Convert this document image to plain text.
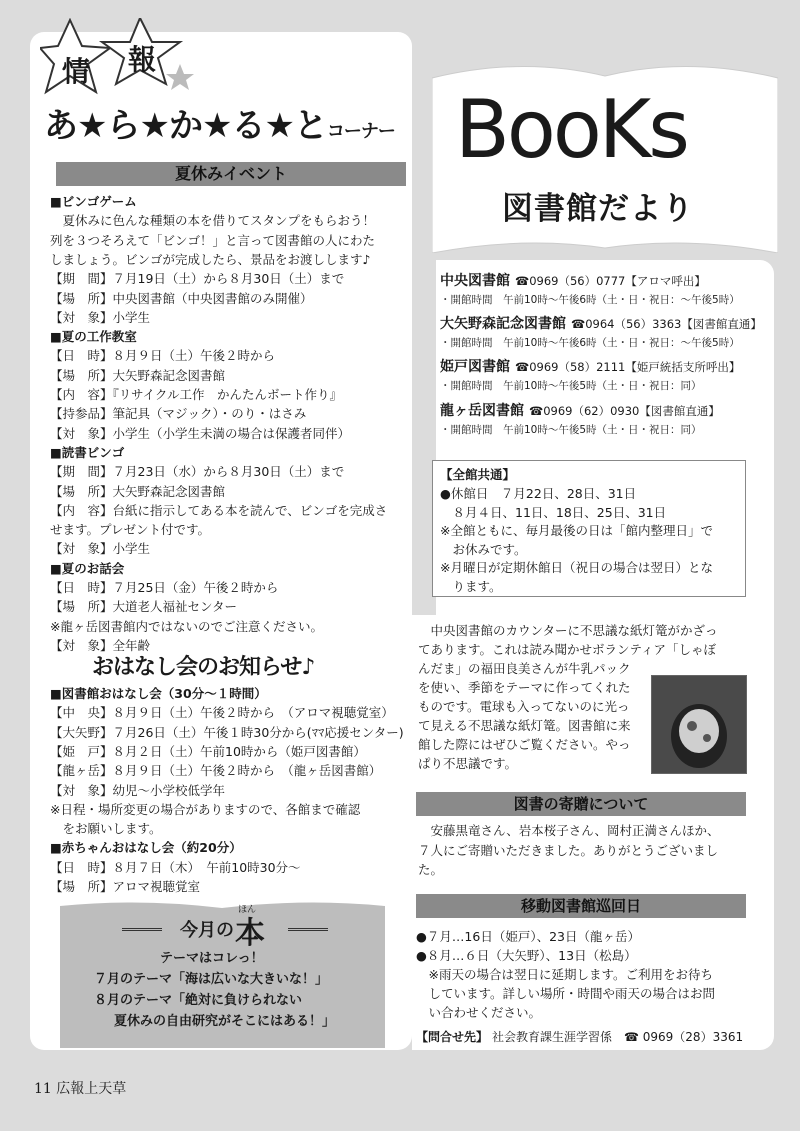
情 報
あ★ら★か★る★とコーナー BooKs
図書館だより
夏休みイベント
■ビンゴゲーム
　夏休みに色んな種類の本を借りてスタンプをもらおう！
列を３つそろえて「ビンゴ！」と言って図書館の人にわた
しましょう。ビンゴが完成したら、景品をお渡しします♪
【期　間】７月19日（土）から８月30日（土）まで
【場　所】中央図書館（中央図書館のみ開催）
【対　象】小学生
■夏の工作教室
【日　時】８月９日（土）午後２時から
【場　所】大矢野森記念図書館
【内　容】『リサイクル工作　かんたんボート作り』
【持参品】筆記具（マジック）・のり・はさみ
【対　象】小学生（小学生未満の場合は保護者同伴）
■読書ビンゴ
【期　間】７月23日（水）から８月30日（土）まで
【場　所】大矢野森記念図書館
【内　容】台紙に指示してある本を読んで、ビンゴを完成さ
せます。プレゼント付です。
【対　象】小学生
■夏のお話会
【日　時】７月25日（金）午後２時から
【場　所】大道老人福祉センター
※龍ヶ岳図書館内ではないのでご注意ください。
【対　象】全年齢
おはなし会のお知らせ♪
■図書館おはなし会（30分～１時間）
【中　央】８月９日（土）午後２時から　（アロマ視聴覚室）
【大矢野】７月26日（土）午後１時30分から(ﾏﾏ応援センター)
【姫　戸】８月２日（土）午前10時から（姫戸図書館）
【龍ヶ岳】８月９日（土）午後２時から　（龍ヶ岳図書館）
【対　象】幼児～小学校低学年
※日程・場所変更の場合がありますので、各館まで確認
　をお願いします。
■赤ちゃんおはなし会（約20分）
【日　時】８月７日（木）　午前10時30分～
【場　所】アロマ視聴覚室
ほん
今月の 本
テーマはコレっ！
７月のテーマ「海は広いな大きいな！」
８月のテーマ「絶対に負けられない
夏休みの自由研究がそこにはある！」
中央図書館 ☎0969（56）0777【アロマ呼出】
・開館時間　午前10時～午後6時（土・日・祝日：～午後5時）
大矢野森記念図書館 ☎0964（56）3363【図書館直通】
・開館時間　午前10時～午後6時（土・日・祝日：～午後5時）
姫戸図書館 ☎0969（58）2111【姫戸統括支所呼出】
・開館時間　午前10時～午後5時（土・日・祝日：同）
龍ヶ岳図書館 ☎0969（62）0930【図書館直通】
・開館時間　午前10時～午後5時（土・日・祝日：同）
【全館共通】
●休館日　７月22日、28日、31日
　８月４日、11日、18日、25日、31日
※全館ともに、毎月最後の日は「館内整理日」で
　お休みです。
※月曜日が定期休館日（祝日の場合は翌日）とな
　ります。
　中央図書館のカウンターに不思議な紙灯篭がかざっ
てあります。これは読み聞かせボランティア「しゃぼ
んだま」の福田良美さんが牛乳パック
を使い、季節をテーマに作ってくれた
ものです。電球も入ってないのに光っ
て見える不思議な紙灯篭。図書館に来
館した際にはぜひご覧ください。やっ
ぱり不思議です。
図書の寄贈について
　安藤黒竜さん、岩本桜子さん、岡村正満さんほか、
７人にご寄贈いただきました。ありがとうございまし
た。
移動図書館巡回日
●７月…16日（姫戸）、23日（龍ヶ岳）
●８月…６日（大矢野）、13日（松島）
　※雨天の場合は翌日に延期します。ご利用をお待ち
　しています。詳しい場所・時間や雨天の場合はお問
　い合わせください。
【問合せ先】 社会教育課生涯学習係　☎ 0969（28）3361
11 広報上天草
